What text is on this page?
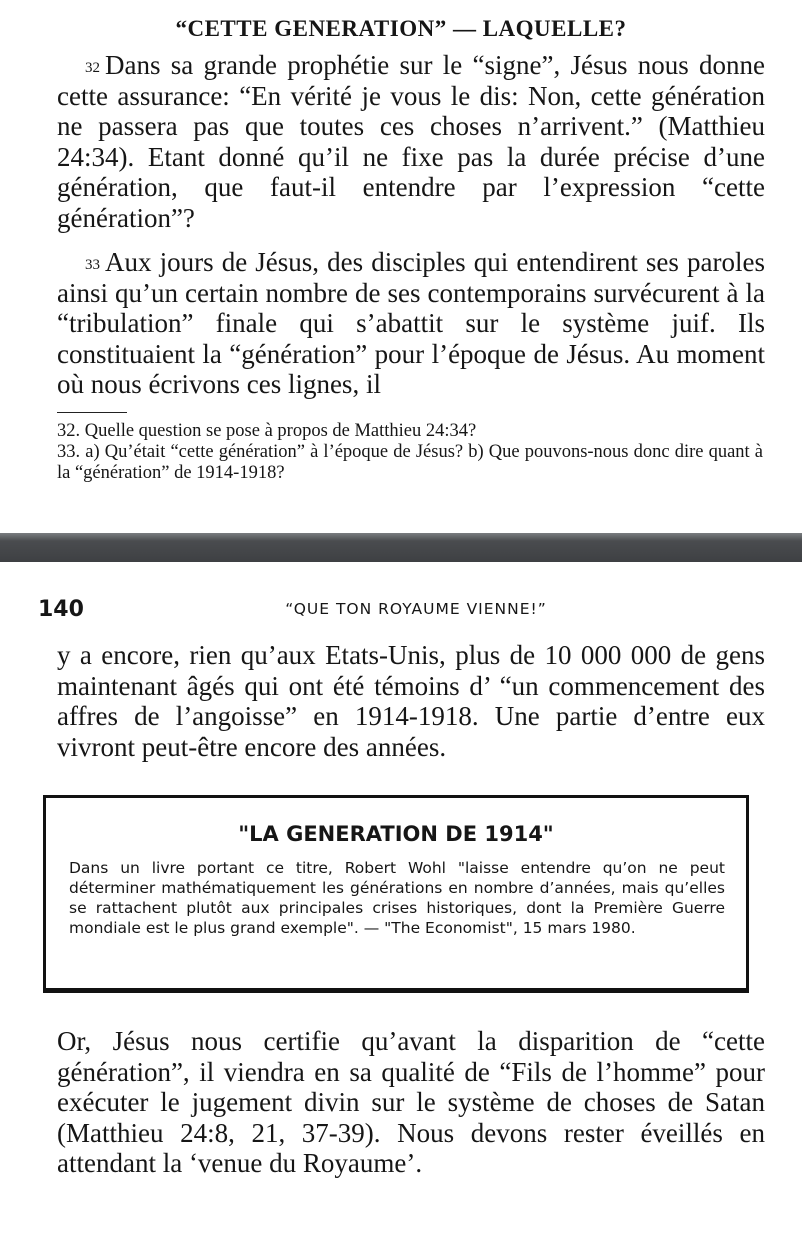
“CETTE GENERATION” — LAQUELLE?

$^{32}$ Dans sa grande prophétie sur le “signe”, Jésus nous donne cette assurance: “En vérité je vous le dis: Non, cette génération ne passera pas que toutes ces choses n’arrivent.” (Matthieu 24:34). Etant donné qu’il ne fixe pas la durée précise d’une génération, que faut-il entendre par l’expression “cette génération”?

$^{33}$ Aux jours de Jésus, des disciples qui entendirent ses paroles ainsi qu’un certain nombre de ses contemporains survécurent à la “tribulation” finale qui s’abattit sur le système juif. Ils constituaient la “génération” pour l’époque de Jésus. Au moment où nous écrivons ces lignes, il

32. Quelle question se pose à propos de Matthieu 24:34?
33. a) Qu’était “cette génération” à l’époque de Jésus? b) Que pouvons-nous donc dire quant à la “génération” de 1914-1918?
140	“QUE TON ROYAUME VIENNE!”

y a encore, rien qu’aux Etats-Unis, plus de 10 000 000 de gens maintenant âgés qui ont été témoins d’ “un commencement des affres de l’angoisse” en 1914-1918. Une partie d’entre eux vivront peut-être encore des années.

"LA GENERATION DE 1914"

Dans un livre portant ce titre, Robert Wohl "laisse entendre qu’on ne peut déterminer mathématiquement les générations en nombre d’années, mais qu’elles se rattachent plutôt aux principales crises historiques, dont la Première Guerre mondiale est le plus grand exemple". — "The Economist", 15 mars 1980.

Or, Jésus nous certifie qu’avant la disparition de “cette génération”, il viendra en sa qualité de “Fils de l’homme” pour exécuter le jugement divin sur le système de choses de Satan (Matthieu 24:8, 21, 37-39). Nous devons rester éveillés en attendant la ‘venue du Royaume’.
